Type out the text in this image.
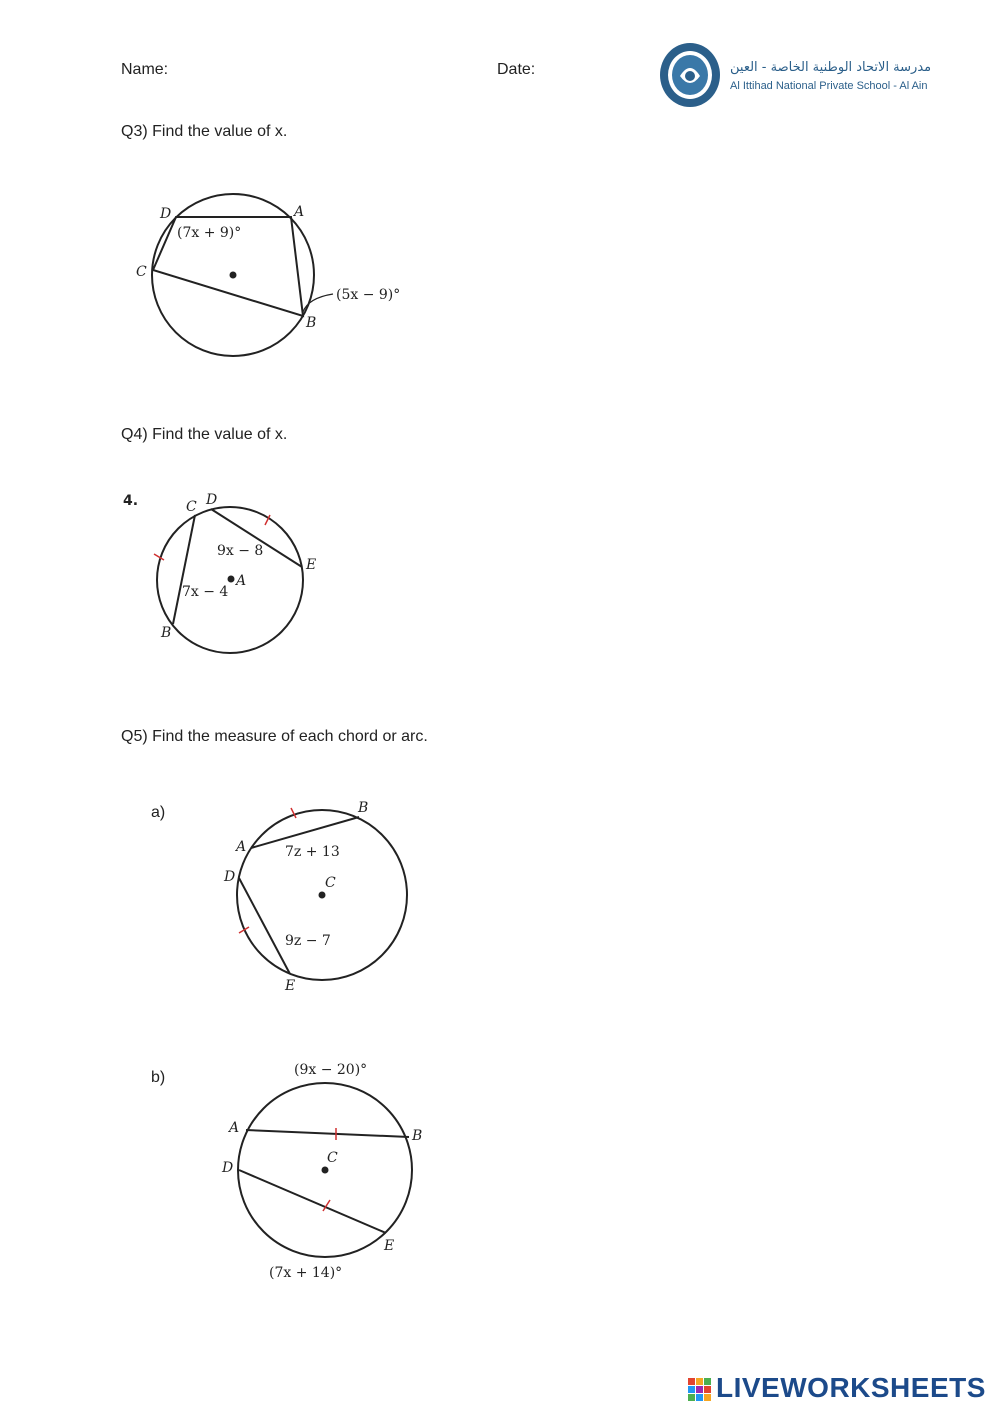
Name:	Date:	مدرسة الاتحاد الوطنية الخاصة - العين
Al Ittihad National Private School - Al Ain
Q3) Find the value of x.
D	A
C
B
(7x + 9)°
(5x − 9)°
Q4) Find the value of x.
4.	C D
E
B
A
9x − 8
7x − 4
Q5) Find the measure of each chord or arc.
a)
A
B
D	C
E
7z + 13
9z − 7
b)	(9x − 20)°
A	B
D
C
E
(7x + 14)°
LIVEWORKSHEETS
